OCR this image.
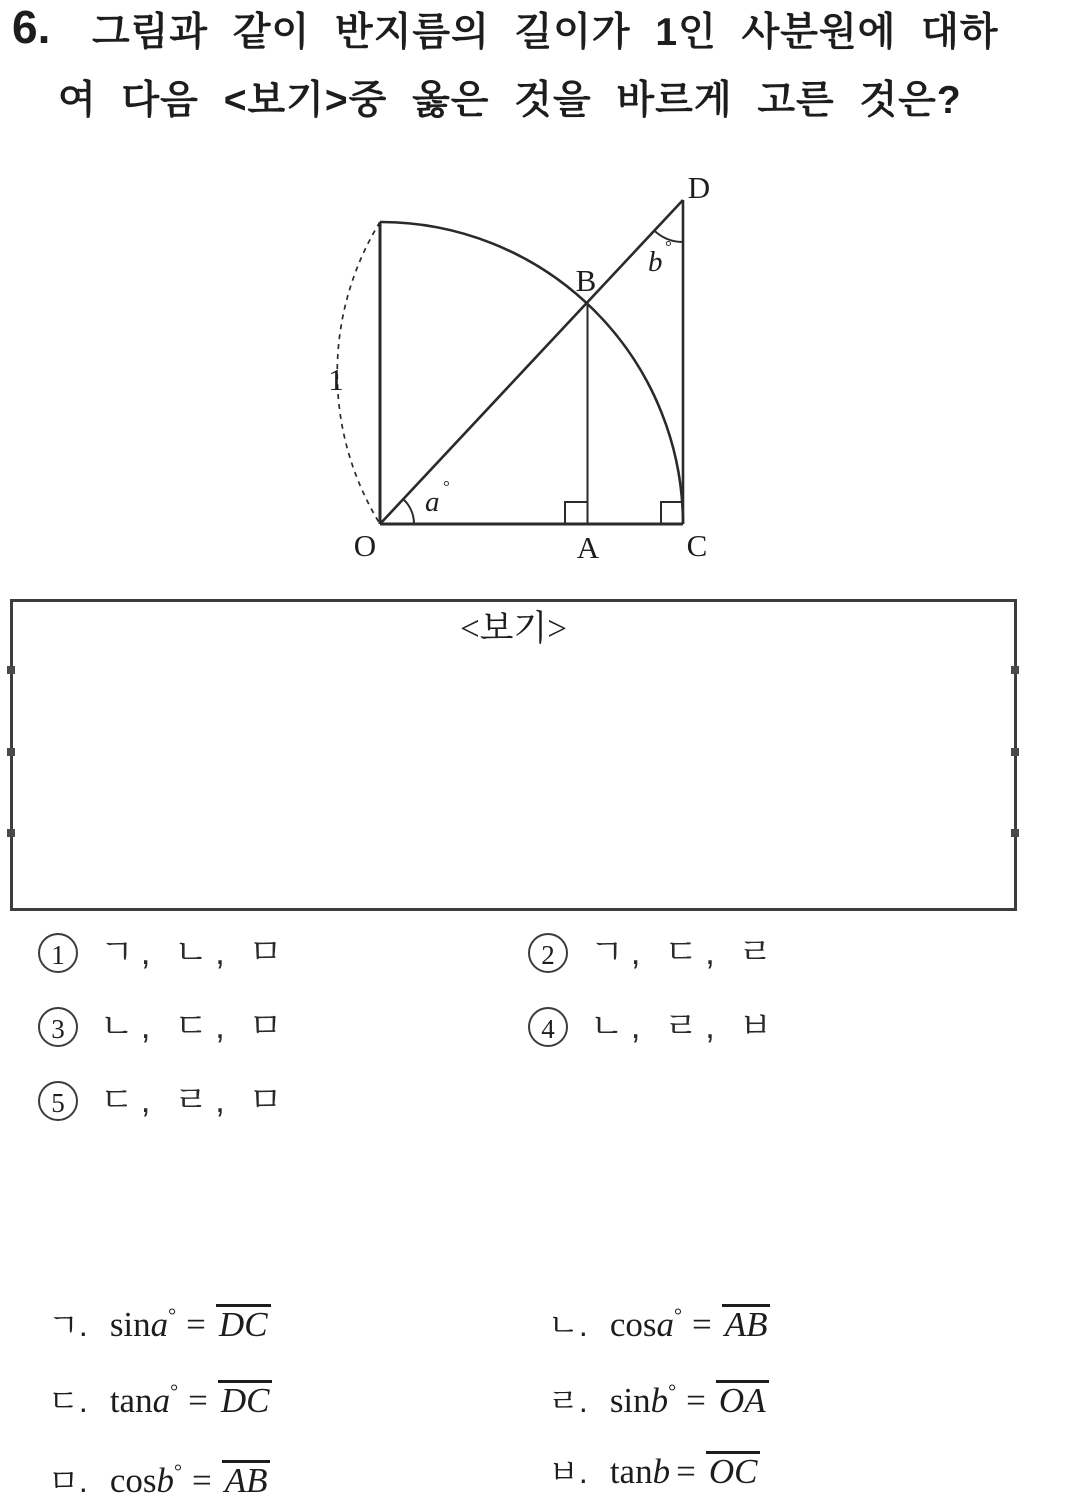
6. 그림과 같이 반지름의 길이가 1인 사분원에 대하
여 다음 <보기>중 옳은 것을 바르게 고른 것은?
O	A	C
B
D
1
a °
b °
<보기>
ㄱ. sina° = DC	ㄴ. cosa° = AB
ㄷ. tana° = DC	ㄹ. sinb° = OA
ㅁ. cosb° = AB	ㅂ. tanb = OC
1 ㄱ, ㄴ, ㅁ	2 ㄱ, ㄷ, ㄹ
3 ㄴ, ㄷ, ㅁ	4 ㄴ, ㄹ, ㅂ
5 ㄷ, ㄹ, ㅁ
